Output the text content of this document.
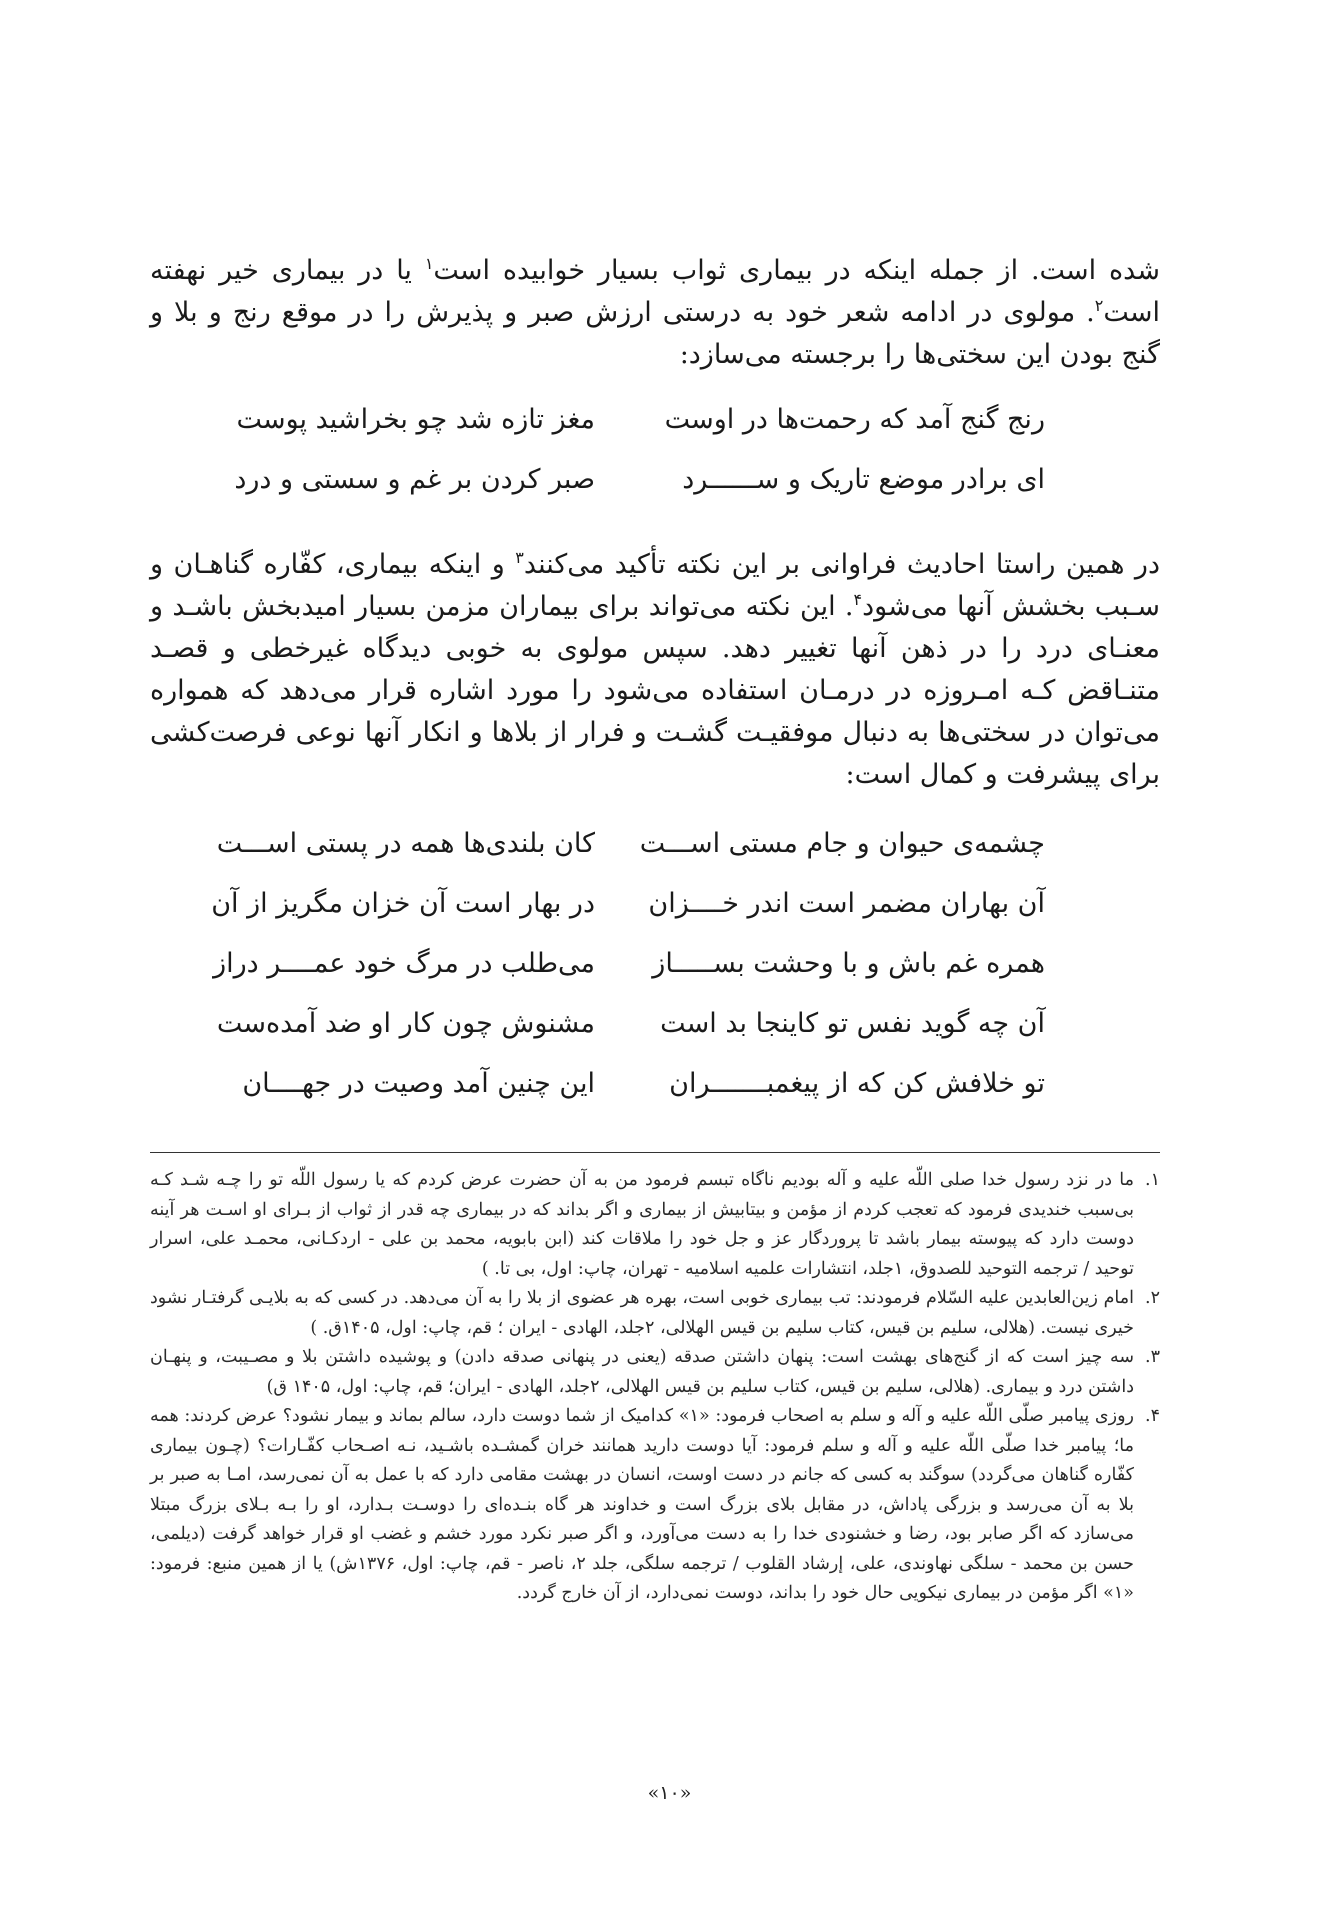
شده است. از جمله اینکه در بیماری ثواب بسیار خوابیده است$^۱$ یا در بیماری خیر نهفته است$^۲$. مولوی در ادامه شعر خود به درستی ارزش صبر و پذیرش را در موقع رنج و بلا و گنج بودن این سختی‌ها را برجسته می‌سازد:

رنج گنج آمد که رحمت‌ها در اوست
مغز تازه شد چو بخراشید پوست
ای برادر موضع تاریک و ســــــرد
صبر کردن بر غم و سستی و درد

در همین راستا احادیث فراوانی بر این نکته تأکید می‌کنند$^۳$ و اینکه بیماری، کفّاره گناهـان و سـبب بخشش آنها می‌شود$^۴$. این نکته می‌تواند برای بیماران مزمن بسیار امیدبخش باشـد و معنـای درد را در ذهن آنها تغییر دهد. سپس مولوی به خوبی دیدگاه غیرخطی و قصـد متنـاقض کـه امـروزه در درمـان استفاده می‌شود را مورد اشاره قرار می‌دهد که همواره می‌توان در سختی‌ها به دنبال موفقیـت گشـت و فرار از بلاها و انکار آنها نوعی فرصت‌کشی برای پیشرفت و کمال است:

چشمه‌ی حیوان و جام مستی اســـت
کان بلندی‌ها همه در پستی اســـت
آن بهاران مضمر است اندر خــــزان
در بهار است آن خزان مگریز از آن
همره غم باش و با وحشت بســـــاز
می‌طلب در مرگ خود عمــــر دراز
آن چه گوید نفس تو کاینجا بد است
مشنوش چون کار او ضد آمده‌ست
تو خلافش کن که از پیغمبـــــــران
این چنین آمد وصیت در جهــــان
۱.
ما در نزد رسول خدا صلی اللّه علیه و آله بودیم ناگاه تبسم فرمود من به آن حضرت عرض کردم که یا رسول اللّه تو را چـه شـد کـه بی‌سبب خندیدی فرمود که تعجب کردم از مؤمن و بیتابیش از بیماری و اگر بداند که در بیماری چه قدر از ثواب از بـرای او اسـت هر آینه دوست دارد که پیوسته بیمار باشد تا پروردگار عز و جل خود را ملاقات کند (ابن بابویه، محمد بن علی - اردکـانی، محمـد علی، اسرار توحید / ترجمه التوحید للصدوق، ۱جلد، انتشارات علمیه اسلامیه - تهران، چاپ: اول، بی تا. )
۲.
امام زین‌العابدین علیه السّلام فرمودند: تب بیماری خوبی است، بهره هر عضوی از بلا را به آن می‌دهد. در کسی که به بلایـی گرفتـار نشود خیری نیست. (هلالی، سلیم بن قیس، کتاب سلیم بن قیس الهلالی، ۲جلد، الهادی - ایران ؛ قم، چاپ: اول، ۱۴۰۵ق. )
۳.
سه چیز است که از گنج‌های بهشت است: پنهان داشتن صدقه (یعنی در پنهانی صدقه دادن) و پوشیده داشتن بلا و مصـیبت، و پنهـان داشتن درد و بیماری. (هلالی، سلیم بن قیس، کتاب سلیم بن قیس الهلالی، ۲جلد، الهادی - ایران؛ قم، چاپ: اول، ۱۴۰۵ ق)
۴.
روزی پیامبر صلّی اللّه علیه و آله و سلم به اصحاب فرمود: «۱» کدامیک از شما دوست دارد، سالم بماند و بیمار نشود؟ عرض کردند: همه ما؛ پیامبر خدا صلّی اللّه علیه و آله و سلم فرمود: آیا دوست دارید همانند خران گمشـده باشـید، نـه اصـحاب کفّـارات؟ (چـون بیماری کفّاره گناهان می‌گردد) سوگند به کسی که جانم در دست اوست، انسان در بهشت مقامی دارد که با عمل به آن نمی‌رسد، امـا به صبر بر بلا به آن می‌رسد و بزرگی پاداش، در مقابل بلای بزرگ است و خداوند هر گاه بنـده‌ای را دوسـت بـدارد، او را بـه بـلای بزرگ مبتلا می‌سازد که اگر صابر بود، رضا و خشنودی خدا را به دست می‌آورد، و اگر صبر نکرد مورد خشم و غضب او قرار خواهد گرفت (دیلمی، حسن بن محمد - سلگی نهاوندی، علی، إرشاد القلوب / ترجمه سلگی، جلد ۲، ناصر - قم، چاپ: اول، ۱۳۷۶ش) یا از همین منبع: فرمود: «۱» اگر مؤمن در بیماری نیکویی حال خود را بداند، دوست نمی‌دارد، از آن خارج گردد.
«۱۰»
